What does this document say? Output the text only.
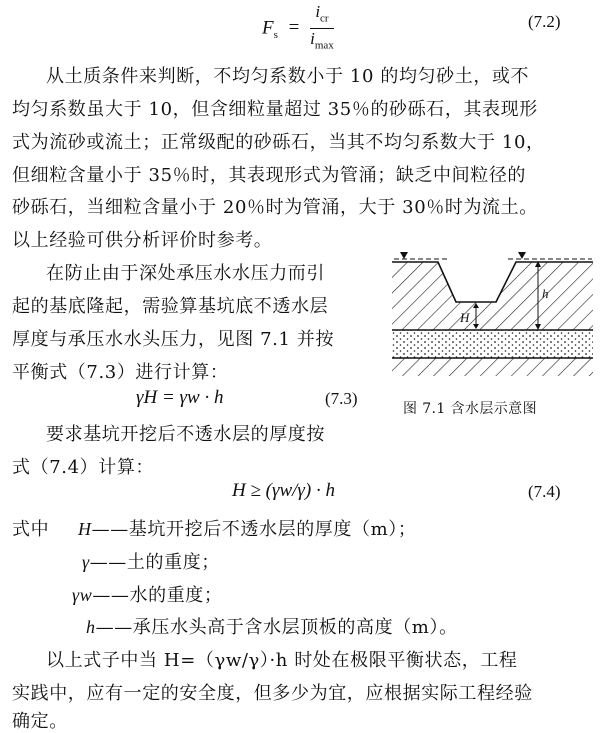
$F_s = \frac{i_{cr}}{i_{max}}$	(7.2)
从土质条件来判断，不均匀系数小于 10 的均匀砂土，或不
均匀系数虽大于 10，但含细粒量超过 35％的砂砾石，其表现形
式为流砂或流土；正常级配的砂砾石，当其不均匀系数大于 10，
但细粒含量小于 35％时，其表现形式为管涌；缺乏中间粒径的
砂砾石，当细粒含量小于 20％时为管涌，大于 30％时为流土。
以上经验可供分析评价时参考。
在防止由于深处承压水水压力而引
起的基底隆起，需验算基坑底不透水层
厚度与承压水水头压力，见图 7.1 并按
平衡式（7.3）进行计算：
γH = γw · h	(7.3)
要求基坑开挖后不透水层的厚度按
式（7.4）计算：
H
h
图 7.1 含水层示意图
H ≥ (γw/γ) · h	(7.4)
式中 H——基坑开挖后不透水层的厚度（m）；
γ——土的重度；
γw——水的重度；
h——承压水头高于含水层顶板的高度（m）。
以上式子中当 H=（γw/γ）·h 时处在极限平衡状态，工程
实践中，应有一定的安全度，但多少为宜，应根据实际工程经验
确定。
